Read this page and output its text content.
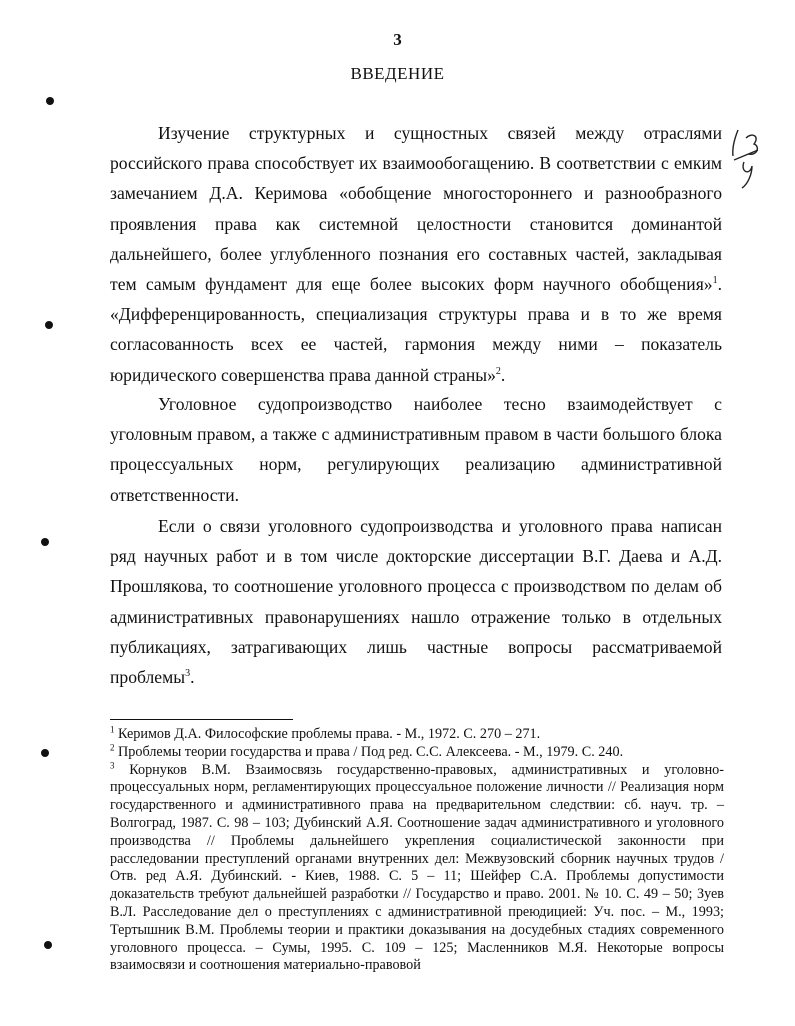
3
ВВЕДЕНИЕ

Изучение структурных и сущностных связей между отраслями российского права способствует их взаимообогащению. В соответствии с емким замечанием Д.А. Керимова «обобщение многостороннего и разнообразного проявления права как системной целостности становится доминантой дальнейшего, более углубленного познания его составных частей, закладывая тем самым фундамент для еще более высоких форм научного обобщения»$^1$. «Дифференцированность, специализация структуры права и в то же время согласованность всех ее частей, гармония между ними – показатель юридического совершенства права данной страны»$^2$.

Уголовное судопроизводство наиболее тесно взаимодействует с уголовным правом, а также с административным правом в части большого блока процессуальных норм, регулирующих реализацию административной ответственности.

Если о связи уголовного судопроизводства и уголовного права написан ряд научных работ и в том числе докторские диссертации В.Г. Даева и А.Д. Прошлякова, то соотношение уголовного процесса с производством по делам об административных правонарушениях нашло отражение только в отдельных публикациях, затрагивающих лишь частные вопросы рассматриваемой проблемы$^3$.

$^1$ Керимов Д.А. Философские проблемы права. - М., 1972. С. 270 – 271.

$^2$ Проблемы теории государства и права / Под ред. С.С. Алексеева. - М., 1979. С. 240.

$^3$ Корнуков В.М. Взаимосвязь государственно-правовых, административных и уголовно-процессуальных норм, регламентирующих процессуальное положение личности // Реализация норм государственного и административного права на предварительном следствии: сб. науч. тр. – Волгоград, 1987. С. 98 – 103; Дубинский А.Я. Соотношение задач административного и уголовного производства // Проблемы дальнейшего укрепления социалистической законности при расследовании преступлений органами внутренних дел: Межвузовский сборник научных трудов / Отв. ред А.Я. Дубинский. - Киев, 1988. С. 5 – 11; Шейфер С.А. Проблемы допустимости доказательств требуют дальнейшей разработки // Государство и право. 2001. № 10. С. 49 – 50; Зуев В.Л. Расследование дел о преступлениях с административной преюдицией: Уч. пос. – М., 1993; Тертышник В.М. Проблемы теории и практики доказывания на досудебных стадиях современного уголовного процесса. – Сумы, 1995. С. 109 – 125; Масленников М.Я. Некоторые вопросы взаимосвязи и соотношения материально-правовой
